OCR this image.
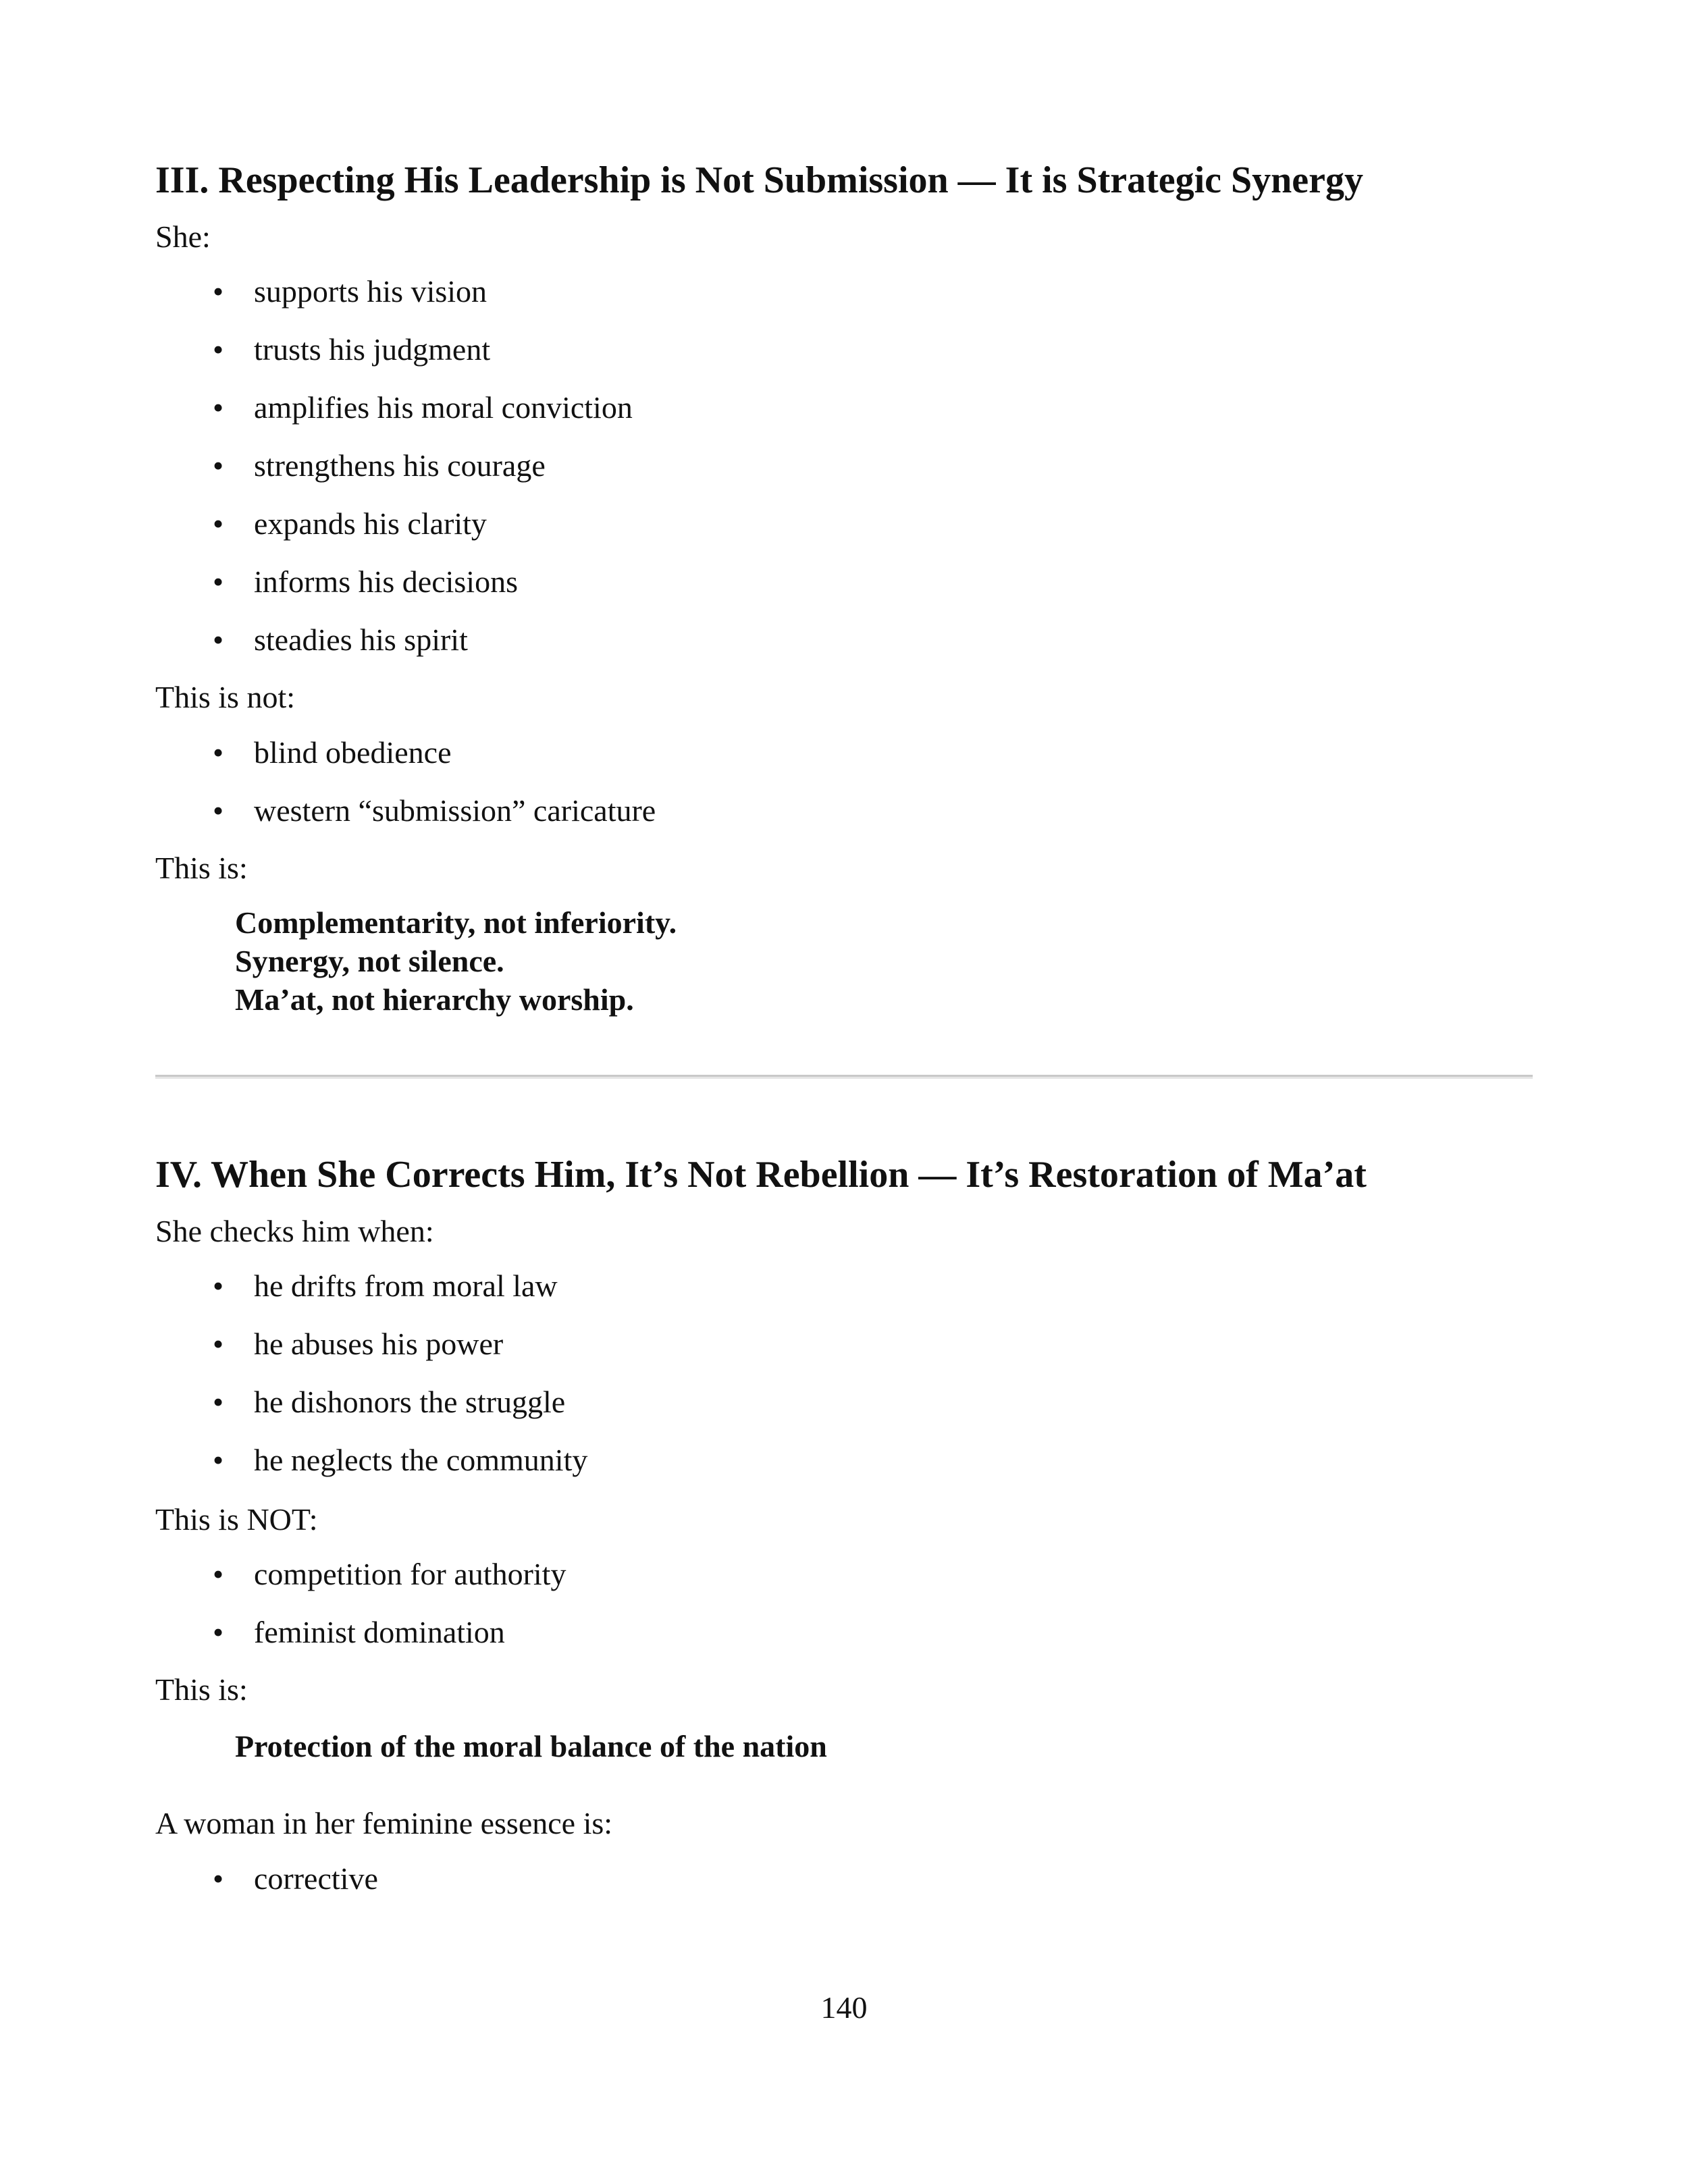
III. Respecting His Leadership is Not Submission — It is Strategic Synergy

She:

• supports his vision
• trusts his judgment
• amplifies his moral conviction
• strengthens his courage
• expands his clarity
• informs his decisions
• steadies his spirit

This is not:

• blind obedience
• western “submission” caricature

This is:

Complementarity, not inferiority.
Synergy, not silence.
Ma’at, not hierarchy worship.
IV. When She Corrects Him, It’s Not Rebellion — It’s Restoration of Ma’at

She checks him when:

• he drifts from moral law
• he abuses his power
• he dishonors the struggle
• he neglects the community

This is NOT:

• competition for authority
• feminist domination

This is:

Protection of the moral balance of the nation

A woman in her feminine essence is:

• corrective
140
